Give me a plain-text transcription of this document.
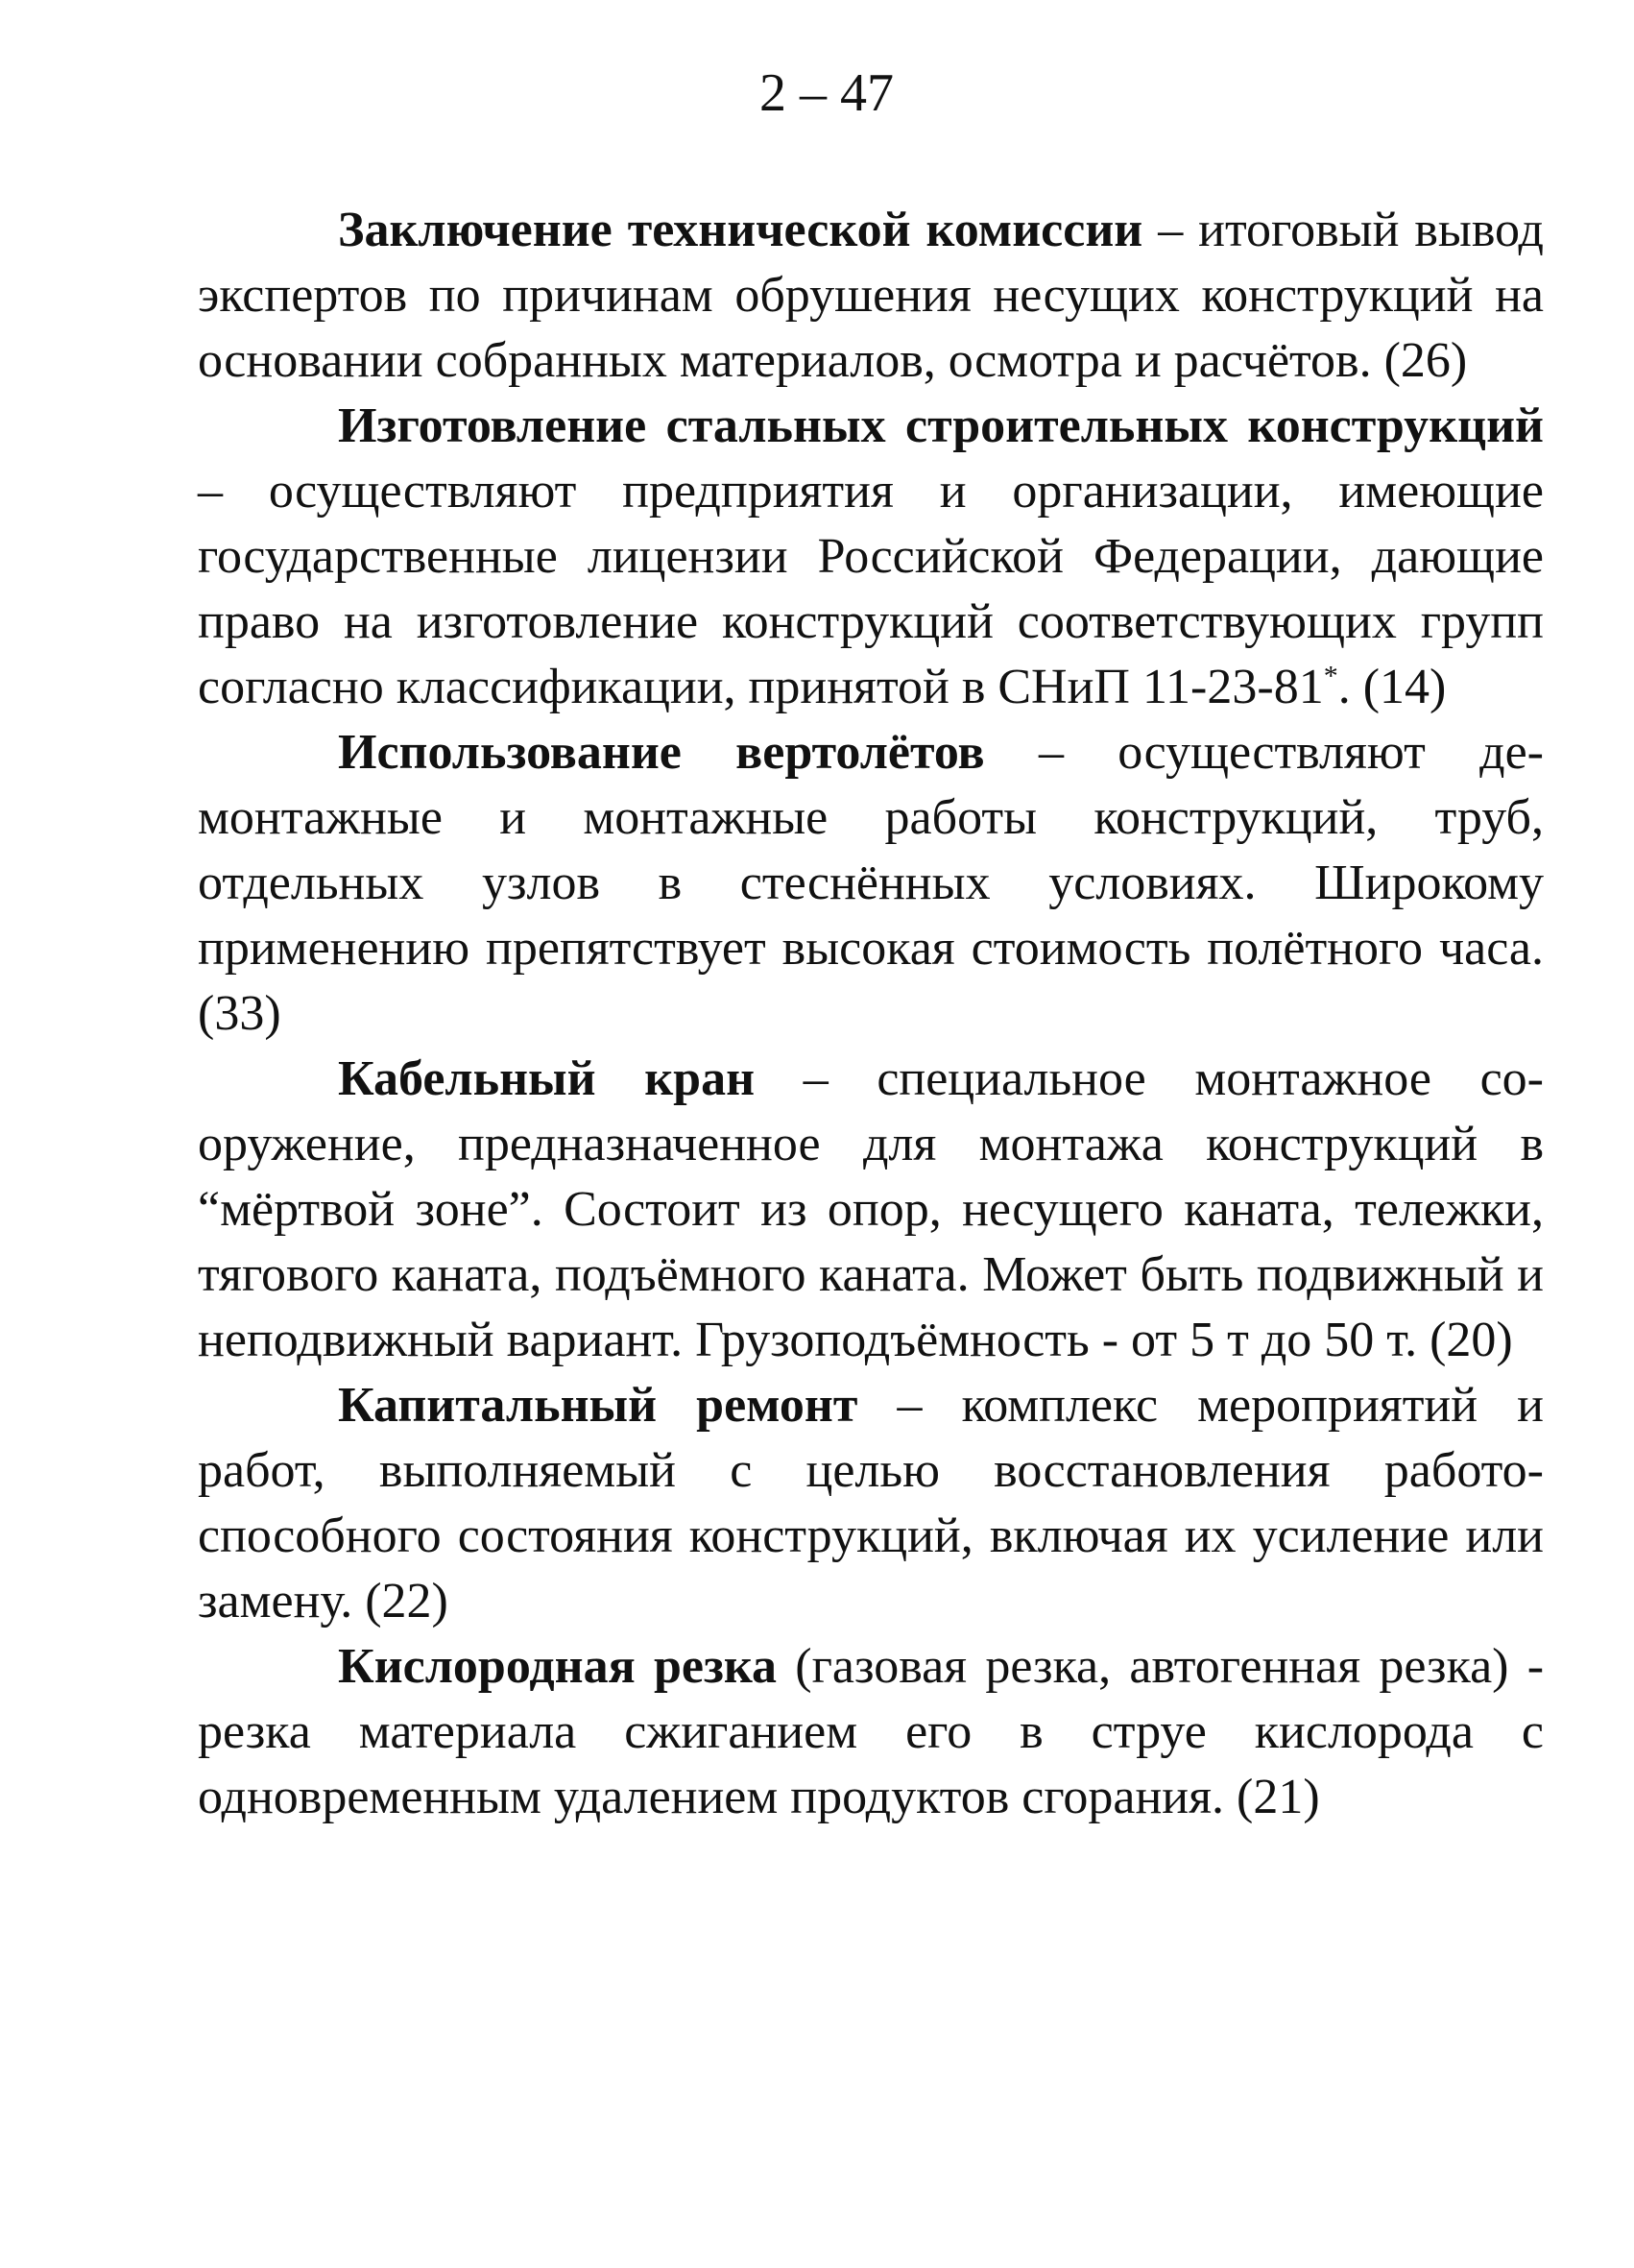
2 – 47

Заключение технической комиссии – итоговый вывод экспертов по причинам обрушения несущих конструкций на основании собранных материалов, осмотра и расчётов. (26)

Изготовление стальных строительных конструкций – осуществляют предприятия и организации, имеющие государственные лицензии Российской Федерации, дающие право на изготовление конструкций соответствующих групп согласно классификации, принятой в СНиП 11-23-81*. (14)

Использование вертолётов – осуществляют демонтажные и монтажные работы конструкций, труб, отдельных узлов в стеснённых условиях. Широкому применению препятствует высокая стоимость полётного часа. (33)

Кабельный кран – специальное монтажное сооружение, предназначенное для монтажа конструкций в “мёртвой зоне”. Состоит из опор, несущего каната, тележки, тягового каната, подъёмного каната. Может быть подвижный и неподвижный вариант. Грузоподъёмность - от 5 т до 50 т. (20)

Капитальный ремонт – комплекс мероприятий и работ, выполняемый с целью восстановления работоспособного состояния конструкций, включая их усиление или замену. (22)

Кислородная резка (газовая резка, автогенная резка) - резка материала сжиганием его в струе кислорода с одновременным удалением продуктов сгорания. (21)
